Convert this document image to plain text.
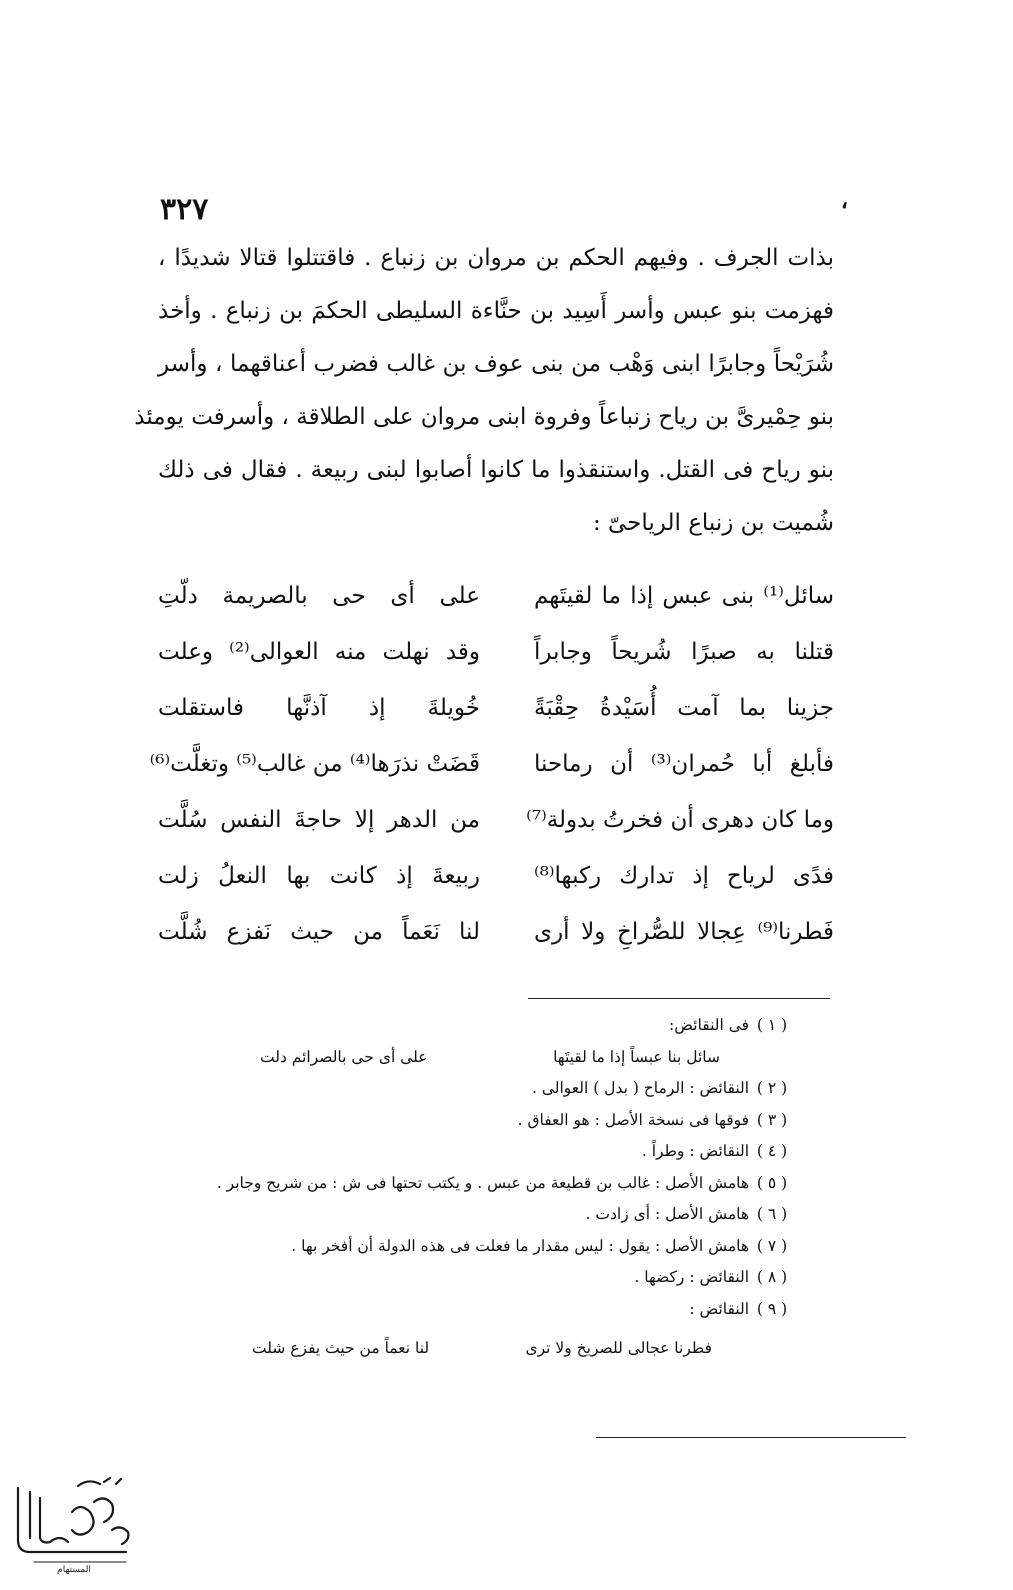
٣٢٧	،
بذات الجرف . وفيهم الحكم بن مروان بن زنباع . فاقتتلوا قتالا شديدًا ،
فهزمت بنو عبس وأسر أَسِيد بن حنَّاءة السليطى الحكمَ بن زنباع . وأخذ
شُرَيْحاً وجابرًا ابنى وَهْب من بنى عوف بن غالب فضرب أعناقهما ، وأسر
بنو حِمْيرىَّ بن رياح زنباعاً وفروة ابنى مروان على الطلاقة ، وأسرفت يومئذ
بنو رياح فى القتل. واستنقذوا ما كانوا أصابوا لبنى ربيعة . فقال فى ذلك
شُميت بن زنباع الرياحىّ :
سائل⁽¹⁾ بنى عبس إذا ما لقيتَهم
على أى حى بالصريمة دلّتِ
قتلنا به صبرًا شُريحاً وجابراً
وقد نهلت منه العوالى⁽²⁾ وعلت
جزينا بما آمت أُسَيْدةُ حِقْبَةً
خُويلةَ إذ آذنَّها فاستقلت
فأبلغ أبا حُمران⁽³⁾ أن رماحنا
قَضَتْ نذرَها⁽⁴⁾ من غالب⁽⁵⁾ وتغلَّت⁽⁶⁾
وما كان دهرى أن فخرتُ بدولة⁽⁷⁾
من الدهر إلا حاجةَ النفس سُلَّت
فدًى لرياح إذ تدارك ركبها⁽⁸⁾
ربيعةَ إذ كانت بها النعلُ زلت
فَطرنا⁽⁹⁾ عِجالا للصُّراخِ ولا أرى
لنا نَعَماً من حيث نَفزع شُلَّت
( ١ ) فى النقائض:
سائل بنا عبساً إذا ما لقيتَها
على أى حى بالصرائم دلت
( ٢ ) النقائض : الرماح ( بدل ) العوالى .
( ٣ ) فوقها فى نسخة الأصل : هو العفاق .
( ٤ ) النقائض : وطراً .
( ٥ ) هامش الأصل : غالب بن قطيعة من عبس . و يكتب تحتها فى ش : من شريح وجابر .
( ٦ ) هامش الأصل : أى زادت .
( ٧ ) هامش الأصل : يقول : ليس مقدار ما فعلت فى هذه الدولة أن أفخر بها .
( ٨ ) النقائض : ركضها .
( ٩ ) النقائض :
فطرنا عجالى للصريخ ولا ترى
لنا نعماً من حيث يفزع شلت
المستهام
